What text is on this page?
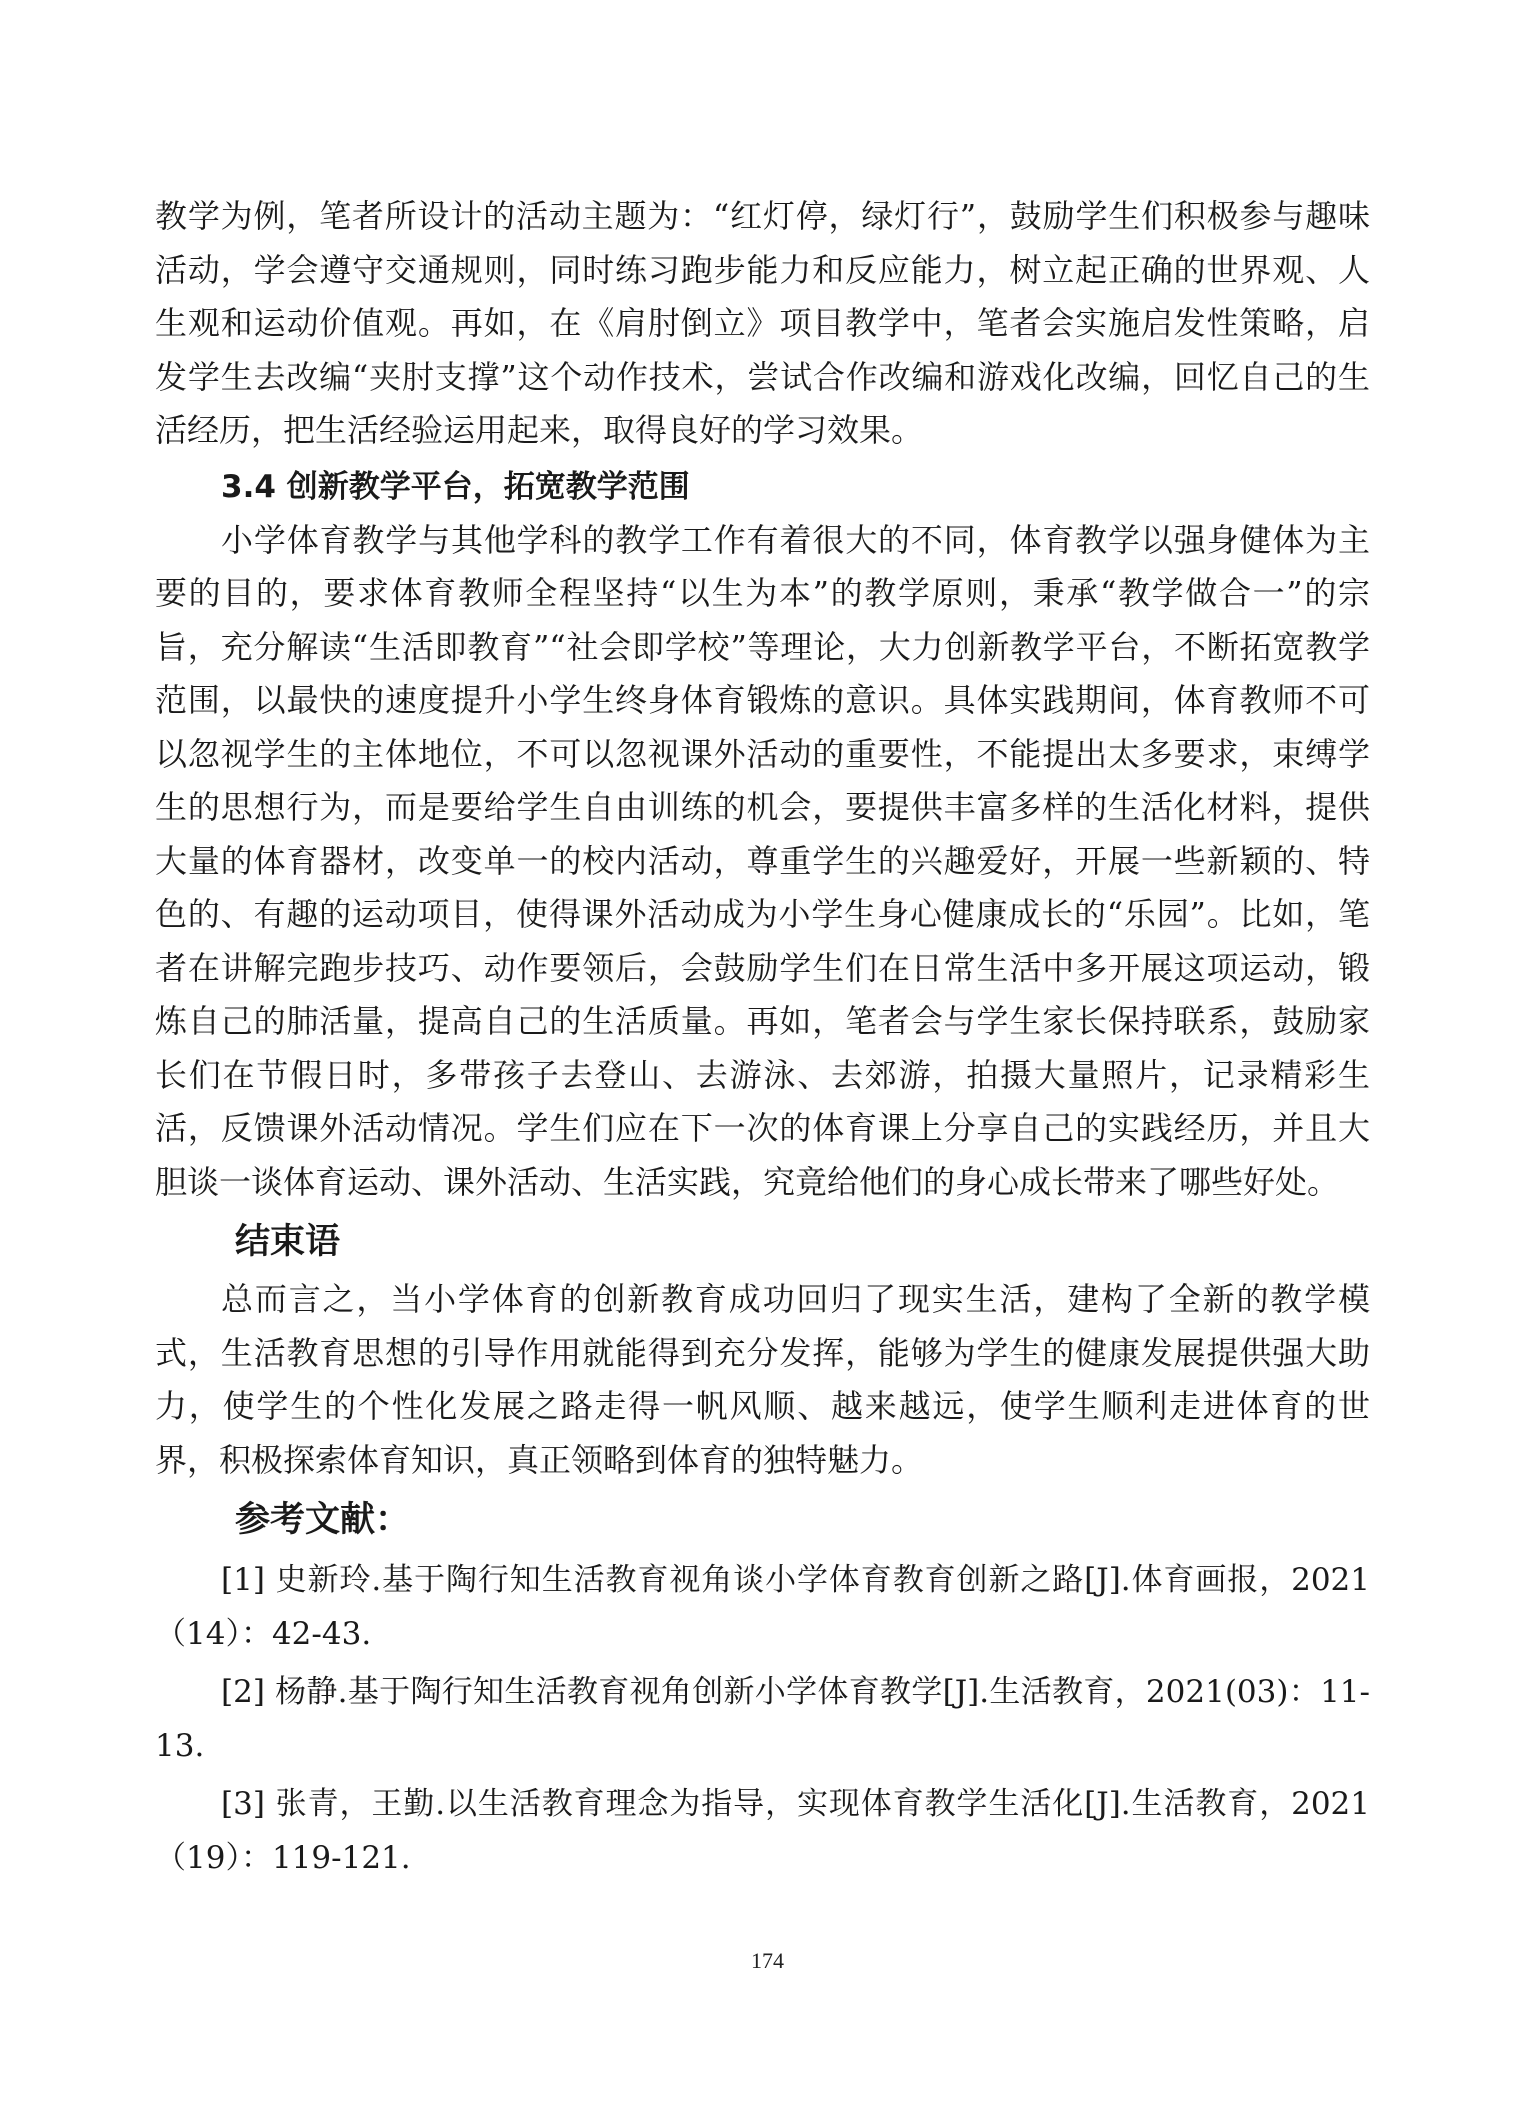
教学为例，笔者所设计的活动主题为：“红灯停，绿灯行”，鼓励学生们积极参与趣味活动，学会遵守交通规则，同时练习跑步能力和反应能力，树立起正确的世界观、人生观和运动价值观。再如，在《肩肘倒立》项目教学中，笔者会实施启发性策略，启发学生去改编“夹肘支撑”这个动作技术，尝试合作改编和游戏化改编，回忆自己的生活经历，把生活经验运用起来，取得良好的学习效果。

3.4 创新教学平台，拓宽教学范围

小学体育教学与其他学科的教学工作有着很大的不同，体育教学以强身健体为主要的目的，要求体育教师全程坚持“以生为本”的教学原则，秉承“教学做合一”的宗旨，充分解读“生活即教育”“社会即学校”等理论，大力创新教学平台，不断拓宽教学范围，以最快的速度提升小学生终身体育锻炼的意识。具体实践期间，体育教师不可以忽视学生的主体地位，不可以忽视课外活动的重要性，不能提出太多要求，束缚学生的思想行为，而是要给学生自由训练的机会，要提供丰富多样的生活化材料，提供大量的体育器材，改变单一的校内活动，尊重学生的兴趣爱好，开展一些新颖的、特色的、有趣的运动项目，使得课外活动成为小学生身心健康成长的“乐园”。比如，笔者在讲解完跑步技巧、动作要领后，会鼓励学生们在日常生活中多开展这项运动，锻炼自己的肺活量，提高自己的生活质量。再如，笔者会与学生家长保持联系，鼓励家长们在节假日时，多带孩子去登山、去游泳、去郊游，拍摄大量照片，记录精彩生活，反馈课外活动情况。学生们应在下一次的体育课上分享自己的实践经历，并且大胆谈一谈体育运动、课外活动、生活实践，究竟给他们的身心成长带来了哪些好处。

结束语

总而言之，当小学体育的创新教育成功回归了现实生活，建构了全新的教学模式，生活教育思想的引导作用就能得到充分发挥，能够为学生的健康发展提供强大助力，使学生的个性化发展之路走得一帆风顺、越来越远，使学生顺利走进体育的世界，积极探索体育知识，真正领略到体育的独特魅力。

参考文献：

[1] 史新玲.基于陶行知生活教育视角谈小学体育教育创新之路[J].体育画报，2021（14）：42-43.

[2] 杨静.基于陶行知生活教育视角创新小学体育教学[J].生活教育，2021(03)：11-13.

[3] 张青，王勤.以生活教育理念为指导，实现体育教学生活化[J].生活教育，2021（19）：119-121.

174
